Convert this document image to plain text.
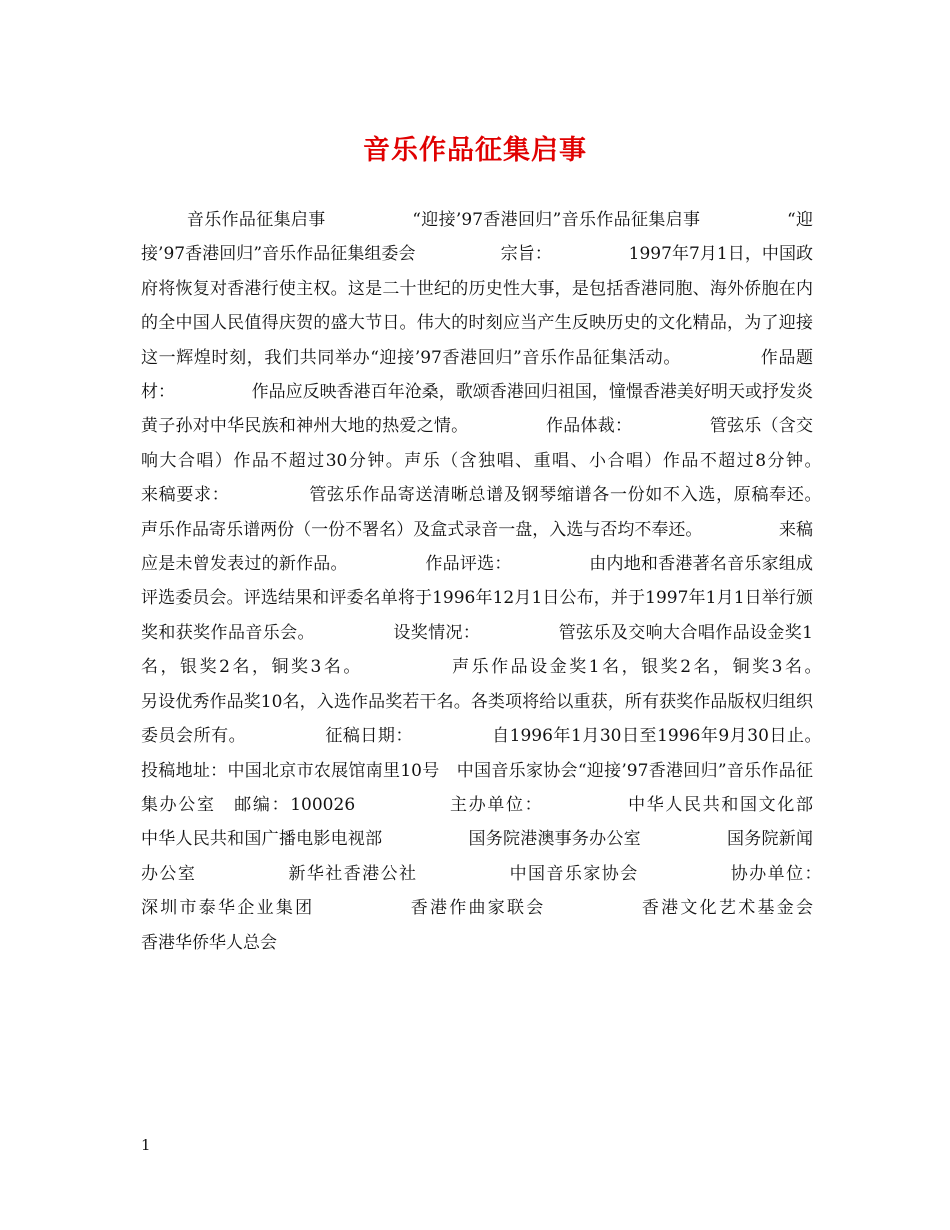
音乐作品征集启事

音乐作品征集启事　　　　　“迎接’97香港回归”音乐作品征集启事　　　　　“迎接’97香港回归”音乐作品征集组委会　　　　　宗旨：　　　　　1997年7月1日，中国政府将恢复对香港行使主权。这是二十世纪的历史性大事，是包括香港同胞、海外侨胞在内的全中国人民值得庆贺的盛大节日。伟大的时刻应当产生反映历史的文化精品，为了迎接这一辉煌时刻，我们共同举办“迎接’97香港回归”音乐作品征集活动。　　　　　作品题材：　　　　　作品应反映香港百年沧桑，歌颂香港回归祖国，憧憬香港美好明天或抒发炎黄子孙对中华民族和神州大地的热爱之情。　　　　　作品体裁：　　　　　管弦乐（含交响大合唱）作品不超过30分钟。声乐（含独唱、重唱、小合唱）作品不超过8分钟。　　　　　来稿要求：　　　　　管弦乐作品寄送清晰总谱及钢琴缩谱各一份如不入选，原稿奉还。　　　　　声乐作品寄乐谱两份（一份不署名）及盒式录音一盘，入选与否均不奉还。　　　　　来稿应是未曾发表过的新作品。　　　　　作品评选：　　　　　由内地和香港著名音乐家组成评选委员会。评选结果和评委名单将于1996年12月1日公布，并于1997年1月1日举行颁奖和获奖作品音乐会。　　　　　设奖情况：　　　　　管弦乐及交响大合唱作品设金奖1名，银奖2名，铜奖3名。　　　　　声乐作品设金奖1名，银奖2名，铜奖3名。　　　　　另设优秀作品奖10名，入选作品奖若干名。各类项将给以重获，所有获奖作品版权归组织委员会所有。　　　　　征稿日期：　　　　　自1996年1月30日至1996年9月30日止。　　　　　投稿地址：中国北京市农展馆南里10号　中国音乐家协会“迎接’97香港回归”音乐作品征集办公室　邮编：100026　　　　　主办单位：　　　　　中华人民共和国文化部　　　　　中华人民共和国广播电影电视部　　　　　国务院港澳事务办公室　　　　　国务院新闻办公室　　　　　新华社香港公社　　　　　中国音乐家协会　　　　　协办单位：　　　　　深圳市泰华企业集团　　　　　香港作曲家联会　　　　　香港文化艺术基金会　　　　　香港华侨华人总会

1
